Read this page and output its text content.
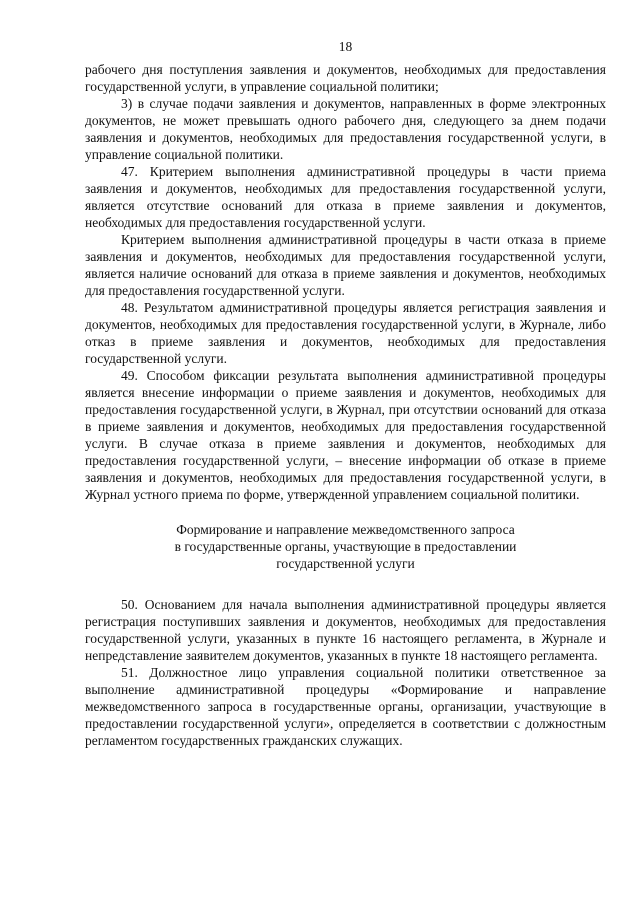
18

рабочего дня поступления заявления и документов, необходимых для предоставления государственной услуги, в управление социальной политики;

3) в случае подачи заявления и документов, направленных в форме электронных документов, не может превышать одного рабочего дня, следующего за днем подачи заявления и документов, необходимых для предоставления государственной услуги, в управление социальной политики.

47. Критерием выполнения административной процедуры в части приема заявления и документов, необходимых для предоставления государственной услуги, является отсутствие оснований для отказа в приеме заявления и документов, необходимых для предоставления государственной услуги.

Критерием выполнения административной процедуры в части отказа в приеме заявления и документов, необходимых для предоставления государственной услуги, является наличие оснований для отказа в приеме заявления и документов, необходимых для предоставления государственной услуги.

48. Результатом административной процедуры является регистрация заявления и документов, необходимых для предоставления государственной услуги, в Журнале, либо отказ в приеме заявления и документов, необходимых для предоставления государственной услуги.

49. Способом фиксации результата выполнения административной процедуры является внесение информации о приеме заявления и документов, необходимых для предоставления государственной услуги, в Журнал, при отсутствии оснований для отказа в приеме заявления и документов, необходимых для предоставления государственной услуги. В случае отказа в приеме заявления и документов, необходимых для предоставления государственной услуги, – внесение информации об отказе в приеме заявления и документов, необходимых для предоставления государственной услуги, в Журнал устного приема по форме, утвержденной управлением социальной политики.

Формирование и направление межведомственного запроса
в государственные органы, участвующие в предоставлении
государственной услуги

50. Основанием для начала выполнения административной процедуры является регистрация поступивших заявления и документов, необходимых для предоставления государственной услуги, указанных в пункте 16 настоящего регламента, в Журнале и непредставление заявителем документов, указанных в пункте 18 настоящего регламента.

51. Должностное лицо управления социальной политики ответственное за выполнение административной процедуры «Формирование и направление межведомственного запроса в государственные органы, организации, участвующие в предоставлении государственной услуги», определяется в соответствии с должностным регламентом государственных гражданских служащих.
